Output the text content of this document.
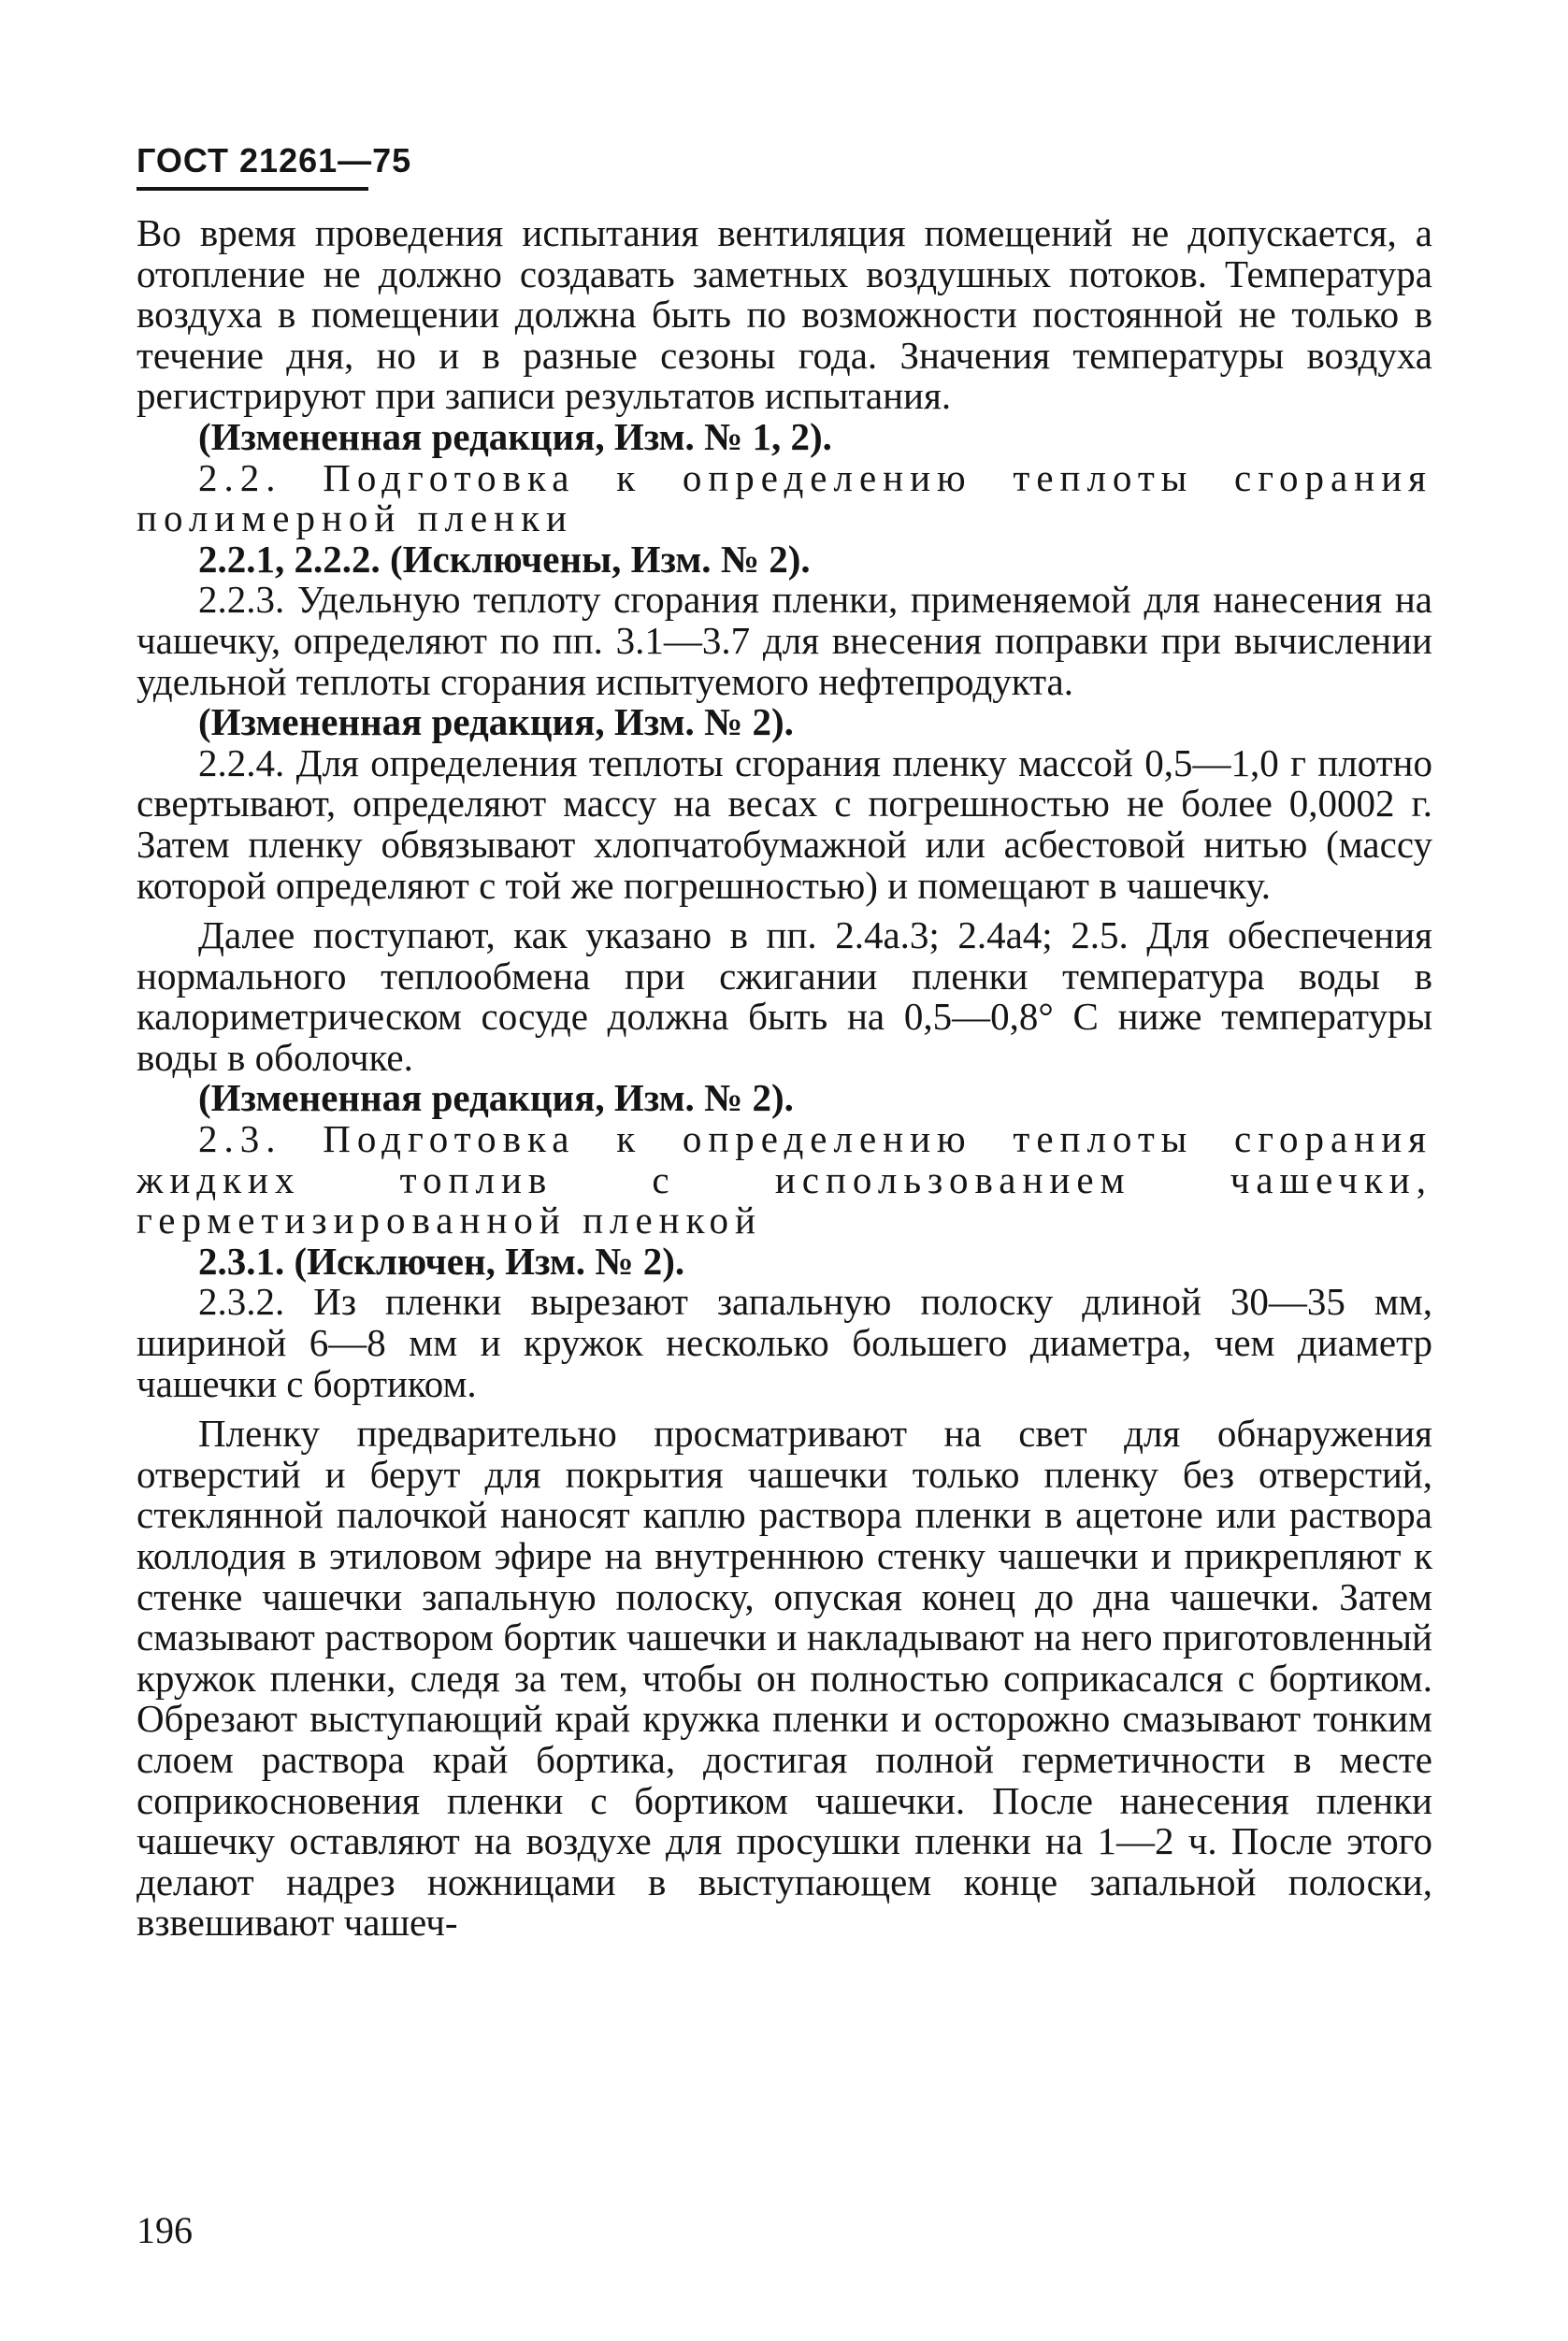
ГОСТ 21261—75

Во время проведения испытания вентиляция помещений не допускается, а отопление не должно создавать заметных воздушных потоков. Температура воздуха в помещении должна быть по возможности постоянной не только в течение дня, но и в разные сезоны года. Значения температуры воздуха регистрируют при записи результатов испытания.

(Измененная редакция, Изм. № 1, 2).

2.2. Подготовка к определению теплоты сгорания полимерной пленки

2.2.1, 2.2.2. (Исключены, Изм. № 2).

2.2.3. Удельную теплоту сгорания пленки, применяемой для нанесения на чашечку, определяют по пп. 3.1—3.7 для внесения поправки при вычислении удельной теплоты сгорания испытуемого нефтепродукта.

(Измененная редакция, Изм. № 2).

2.2.4. Для определения теплоты сгорания пленку массой 0,5—1,0 г плотно свертывают, определяют массу на весах с погрешностью не более 0,0002 г. Затем пленку обвязывают хлопчатобумажной или асбестовой нитью (массу которой определяют с той же погрешностью) и помещают в чашечку.

Далее поступают, как указано в пп. 2.4а.3; 2.4а4; 2.5. Для обеспечения нормального теплообмена при сжигании пленки температура воды в калориметрическом сосуде должна быть на 0,5—0,8° С ниже температуры воды в оболочке.

(Измененная редакция, Изм. № 2).

2.3. Подготовка к определению теплоты сгорания жидких топлив с использованием чашечки, герметизированной пленкой

2.3.1. (Исключен, Изм. № 2).

2.3.2. Из пленки вырезают запальную полоску длиной 30—35 мм, шириной 6—8 мм и кружок несколько большего диаметра, чем диаметр чашечки с бортиком.

Пленку предварительно просматривают на свет для обнаружения отверстий и берут для покрытия чашечки только пленку без отверстий, стеклянной палочкой наносят каплю раствора пленки в ацетоне или раствора коллодия в этиловом эфире на внутреннюю стенку чашечки и прикрепляют к стенке чашечки запальную полоску, опуская конец до дна чашечки. Затем смазывают раствором бортик чашечки и накладывают на него приготовленный кружок пленки, следя за тем, чтобы он полностью соприкасался с бортиком. Обрезают выступающий край кружка пленки и осторожно смазывают тонким слоем раствора край бортика, достигая полной герметичности в месте соприкосновения пленки с бортиком чашечки. После нанесения пленки чашечку оставляют на воздухе для просушки пленки на 1—2 ч. После этого делают надрез ножницами в выступающем конце запальной полоски, взвешивают чашеч-

196
